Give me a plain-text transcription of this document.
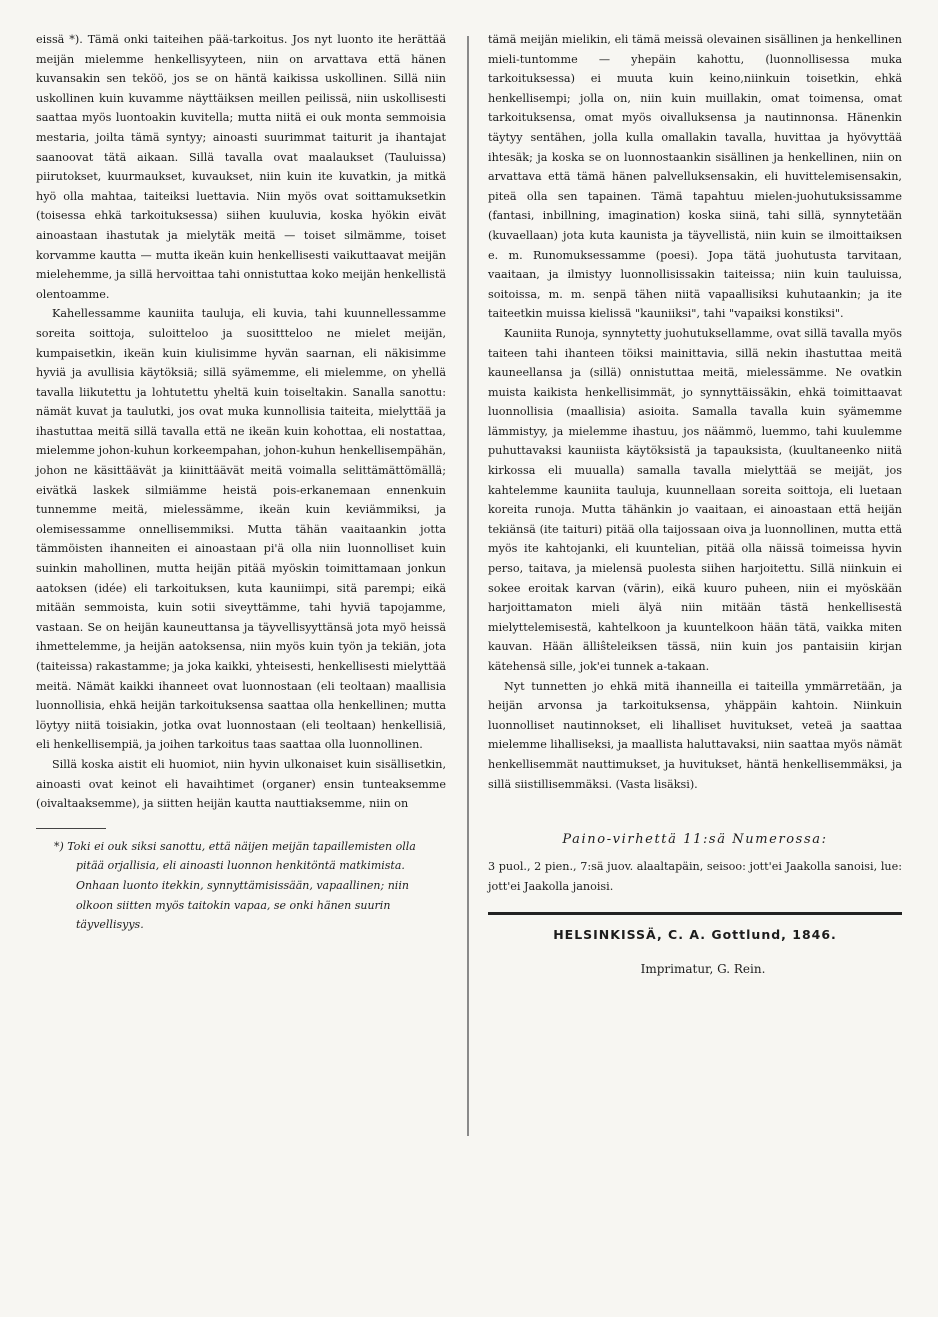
eissä *). Tämä onki taiteihen pää-tarkoitus. Jos nyt luonto ite herättää meijän mielemme henkellisyyteen, niin on arvattava että hänen kuvansakin sen teköö, jos se on häntä kaikissa uskollinen. Sillä niin uskollinen kuin kuvamme näyttäiksen meillen peilissä, niin uskollisesti saattaa myös luontoakin kuvitella; mutta niitä ei ouk monta semmoisia mestaria, joilta tämä syntyy; ainoasti suurimmat taiturit ja ihantajat saanoovat tätä aikaan. Sillä tavalla ovat maalaukset (Tauluissa) piirutokset, kuurmaukset, kuvaukset, niin kuin ite kuvatkin, ja mitkä hyö olla mahtaa, taiteiksi luettavia. Niin myös ovat soittamuksetkin (toisessa ehkä tarkoituksessa) siihen kuuluvia, koska hyökin eivät ainoastaan ihastutak ja mielytäk meitä — toiset silmämme, toiset korvamme kautta — mutta ikeän kuin henkellisesti vaikuttaavat meijän mielehemme, ja sillä hervoittaa tahi onnistuttaa koko meijän henkellistä olentoamme.

Kahellessamme kauniita tauluja, eli kuvia, tahi kuunnellessamme soreita soittoja, suloitteloo ja suosittteloo ne mielet meijän, kumpaisetkin, ikeän kuin kiulisimme hyvän saarnan, eli näkisimme hyviä ja avullisia käytöksiä; sillä syämemme, eli mielemme, on yhellä tavalla liikutettu ja lohtutettu yheltä kuin toiseltakin. Sanalla sanottu: nämät kuvat ja taulutki, jos ovat muka kunnollisia taiteita, mielyttää ja ihastuttaa meitä sillä tavalla että ne ikeän kuin kohottaa, eli nostattaa, mielemme johon-kuhun korkeempahan, johon-kuhun henkellisempähän, johon ne käsittäävät ja kiinittäävät meitä voimalla selittämättömällä; eivätkä laskek silmiämme heistä pois-erkanemaan ennenkuin tunnemme meitä, mielessämme, ikeän kuin keviämmiksi, ja olemisessamme onnellisemmiksi. Mutta tähän vaaitaankin jotta tämmöisten ihanneiten ei ainoastaan pi'ä olla niin luonnolliset kuin suinkin mahollinen, mutta heijän pitää myöskin toimittamaan jonkun aatoksen (idée) eli tarkoituksen, kuta kauniimpi, sitä parempi; eikä mitään semmoista, kuin sotii siveyttämme, tahi hyviä tapojamme, vastaan. Se on heijän kauneuttansa ja täyvellisyyttänsä jota myö heissä ihmettelemme, ja heijän aatoksensa, niin myös kuin työn ja tekiän, jota (taiteissa) rakastamme; ja joka kaikki, yhteisesti, henkellisesti mielyttää meitä. Nämät kaikki ihanneet ovat luonnostaan (eli teoltaan) maallisia luonnollisia, ehkä heijän tarkoituksensa saattaa olla henkellinen; mutta löytyy niitä toisiakin, jotka ovat luonnostaan (eli teoltaan) henkellisiä, eli henkellisempiä, ja joihen tarkoitus taas saattaa olla luonnollinen.

Sillä koska aistit eli huomiot, niin hyvin ulkonaiset kuin sisällisetkin, ainoasti ovat keinot eli havaihtimet (organer) ensin tunteaksemme (oivaltaaksemme), ja siitten heijän kautta nauttiaksemme, niin on

*) Toki ei ouk siksi sanottu, että näijen meijän tapaillemisten olla pitää orjallisia, eli ainoasti luonnon henkitöntä matkimista. Onhaan luonto itekkin, synnyttämisissään, vapaallinen; niin olkoon siitten myös taitokin vapaa, se onki hänen suurin täyvellisyys.

tämä meijän mielikin, eli tämä meissä olevainen sisällinen ja henkellinen mieli-tuntomme — yhepäin kahottu, (luonnollisessa muka tarkoituksessa) ei muuta kuin keino,niinkuin toisetkin, ehkä henkellisempi; jolla on, niin kuin muillakin, omat toimensa, omat tarkoituksensa, omat myös oivalluksensa ja nautinnonsa. Hänenkin täytyy sentähen, jolla kulla omallakin tavalla, huvittaa ja hyövyttää ihtesäk; ja koska se on luonnostaankin sisällinen ja henkellinen, niin on arvattava että tämä hänen palvelluksensakin, eli huvittelemisensakin, piteä olla sen tapainen. Tämä tapahtuu mielen-juohutuksissamme (fantasi, inbillning, imagination) koska siinä, tahi sillä, synnytetään (kuvaellaan) jota kuta kaunista ja täyvellistä, niin kuin se ilmoittaiksen e. m. Runomuksessamme (poesi). Jopa tätä juohutusta tarvitaan, vaaitaan, ja ilmistyy luonnollisissakin taiteissa; niin kuin tauluissa, soitoissa, m. m. senpä tähen niitä vapaallisiksi kuhutaankin; ja ite taiteetkin muissa kielissä "kauniiksi", tahi "vapaiksi konstiksi".

Kauniita Runoja, synnytetty juohutuksellamme, ovat sillä tavalla myös taiteen tahi ihanteen töiksi mainittavia, sillä nekin ihastuttaa meitä kauneellansa ja (sillä) onnistuttaa meitä, mielessämme. Ne ovatkin muista kaikista henkellisimmät, jo synnyttäissäkin, ehkä toimittaavat luonnollisia (maallisia) asioita. Samalla tavalla kuin syämemme lämmistyy, ja mielemme ihastuu, jos näämmö, luemmo, tahi kuulemme puhuttavaksi kauniista käytöksistä ja tapauksista, (kuultaneenko niitä kirkossa eli muualla) samalla tavalla mielyttää se meijät, jos kahtelemme kauniita tauluja, kuunnellaan soreita soittoja, eli luetaan koreita runoja. Mutta tähänkin jo vaaitaan, ei ainoastaan että heijän tekiänsä (ite taituri) pitää olla taijossaan oiva ja luonnollinen, mutta että myös ite kahtojanki, eli kuuntelian, pitää olla näissä toimeissa hyvin perso, taitava, ja mielensä puolesta siihen harjoitettu. Sillä niinkuin ei sokee eroitak karvan (värin), eikä kuuro puheen, niin ei myöskään harjoittamaton mieli älyä niin mitään tästä henkellisestä mielyttelemisestä, kahtelkoon ja kuuntelkoon hään tätä, vaikka miten kauvan. Hään älliŝteleiksen tässä, niin kuin jos pantaisiin kirjan kätehensä sille, jok'ei tunnek a-takaan.

Nyt tunnetten jo ehkä mitä ihanneilla ei taiteilla ymmärretään, ja heijän arvonsa ja tarkoituksensa, yhäppäin kahtoin. Niinkuin luonnolliset nautinnokset, eli lihalliset huvitukset, veteä ja saattaa mielemme lihalliseksi, ja maallista haluttavaksi, niin saattaa myös nämät henkellisemmät nauttimukset, ja huvitukset, häntä henkellisemmäksi, ja sillä siistillisemmäksi. (Vasta lisäksi).

Paino-virhettä 11:sä Numerossa:

3 puol., 2 pien., 7:sä juov. alaaltapäin, seisoo: jott'ei Jaakolla sanoisi, lue: jott'ei Jaakolla janoisi.

HELSINKISSÄ, C. A. Gottlund, 1846.

Imprimatur, G. Rein.
